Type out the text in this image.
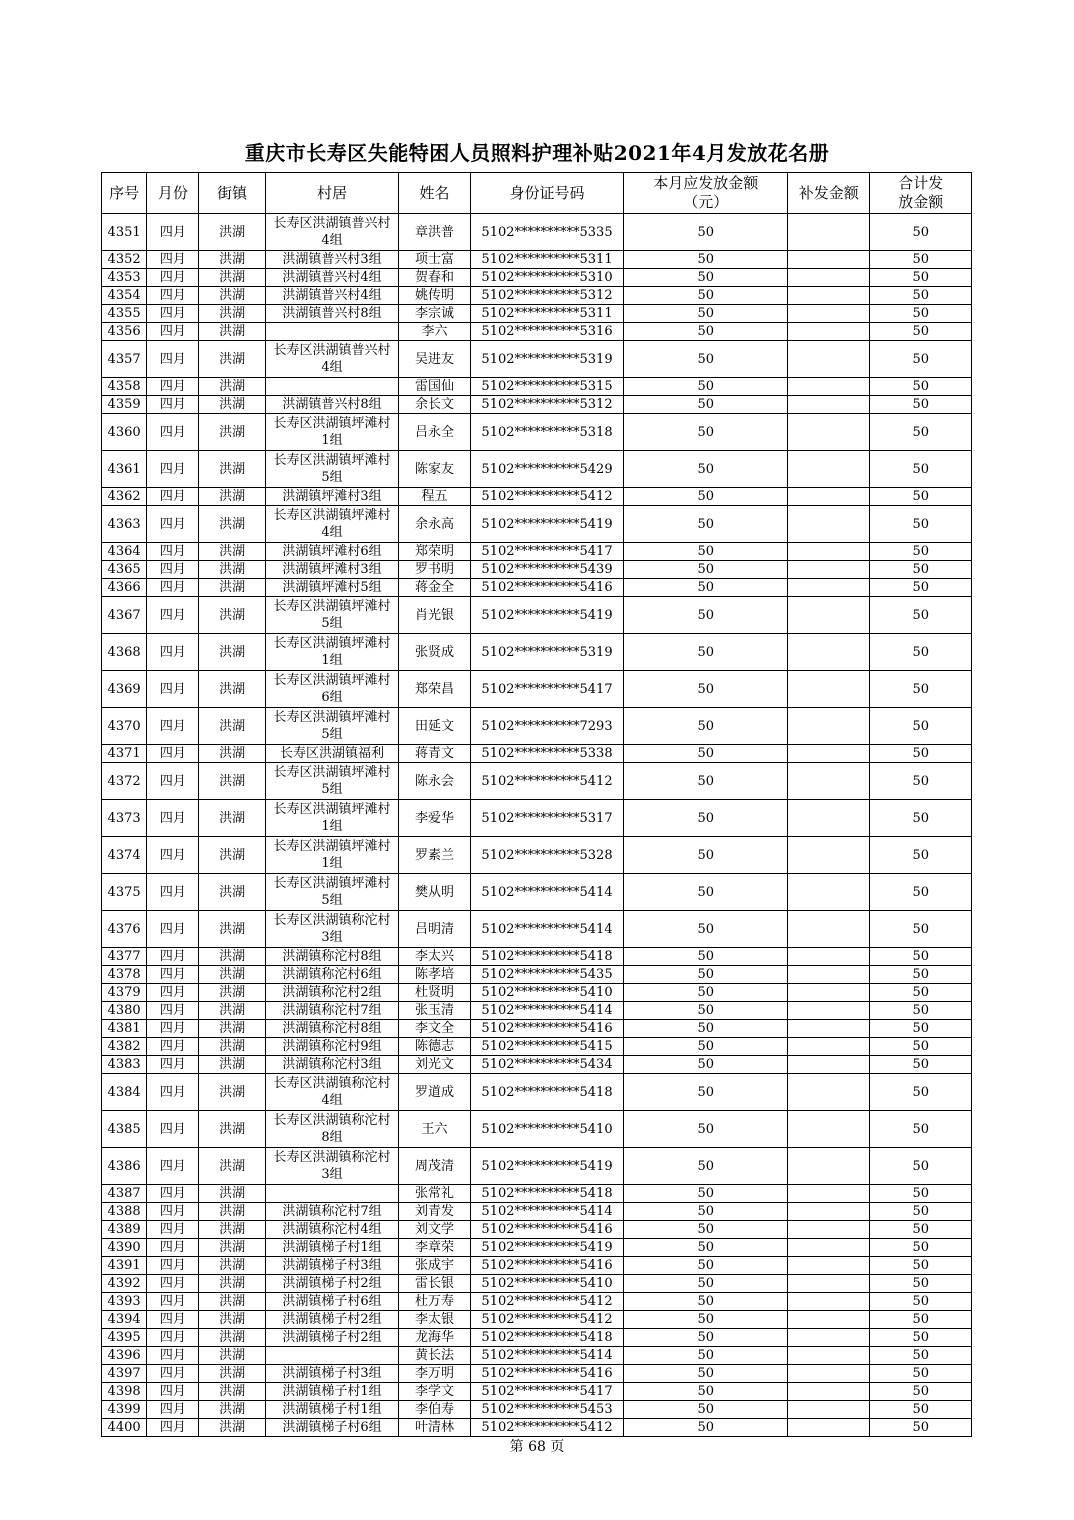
重庆市长寿区失能特困人员照料护理补贴2021年4月发放花名册
序号	月份	街镇	村居	姓名	身份证号码	本月应发放金额（元）	补发金额	合计发放金额
4351	四月	洪湖	长寿区洪湖镇普兴村4组	章洪普	5102**********5335	50		50
4352	四月	洪湖	洪湖镇普兴村3组	项士富	5102**********5311	50		50
4353	四月	洪湖	洪湖镇普兴村4组	贺春和	5102**********5310	50		50
4354	四月	洪湖	洪湖镇普兴村4组	姚传明	5102**********5312	50		50
4355	四月	洪湖	洪湖镇普兴村8组	李宗诚	5102**********5311	50		50
4356	四月	洪湖		李六	5102**********5316	50		50
4357	四月	洪湖	长寿区洪湖镇普兴村4组	吴进友	5102**********5319	50		50
4358	四月	洪湖		雷国仙	5102**********5315	50		50
4359	四月	洪湖	洪湖镇普兴村8组	余长文	5102**********5312	50		50
4360	四月	洪湖	长寿区洪湖镇坪滩村1组	吕永全	5102**********5318	50		50
4361	四月	洪湖	长寿区洪湖镇坪滩村5组	陈家友	5102**********5429	50		50
4362	四月	洪湖	洪湖镇坪滩村3组	程五	5102**********5412	50		50
4363	四月	洪湖	长寿区洪湖镇坪滩村4组	余永高	5102**********5419	50		50
4364	四月	洪湖	洪湖镇坪滩村6组	郑荣明	5102**********5417	50		50
4365	四月	洪湖	洪湖镇坪滩村3组	罗书明	5102**********5439	50		50
4366	四月	洪湖	洪湖镇坪滩村5组	蒋金全	5102**********5416	50		50
4367	四月	洪湖	长寿区洪湖镇坪滩村5组	肖光银	5102**********5419	50		50
4368	四月	洪湖	长寿区洪湖镇坪滩村1组	张贤成	5102**********5319	50		50
4369	四月	洪湖	长寿区洪湖镇坪滩村6组	郑荣昌	5102**********5417	50		50
4370	四月	洪湖	长寿区洪湖镇坪滩村5组	田延文	5102**********7293	50		50
4371	四月	洪湖	长寿区洪湖镇福利	蒋青文	5102**********5338	50		50
4372	四月	洪湖	长寿区洪湖镇坪滩村5组	陈永会	5102**********5412	50		50
4373	四月	洪湖	长寿区洪湖镇坪滩村1组	李爱华	5102**********5317	50		50
4374	四月	洪湖	长寿区洪湖镇坪滩村1组	罗素兰	5102**********5328	50		50
4375	四月	洪湖	长寿区洪湖镇坪滩村5组	樊从明	5102**********5414	50		50
4376	四月	洪湖	长寿区洪湖镇称沱村3组	吕明清	5102**********5414	50		50
4377	四月	洪湖	洪湖镇称沱村8组	李太兴	5102**********5418	50		50
4378	四月	洪湖	洪湖镇称沱村6组	陈孝培	5102**********5435	50		50
4379	四月	洪湖	洪湖镇称沱村2组	杜贤明	5102**********5410	50		50
4380	四月	洪湖	洪湖镇称沱村7组	张玉清	5102**********5414	50		50
4381	四月	洪湖	洪湖镇称沱村8组	李文全	5102**********5416	50		50
4382	四月	洪湖	洪湖镇称沱村9组	陈德志	5102**********5415	50		50
4383	四月	洪湖	洪湖镇称沱村3组	刘光文	5102**********5434	50		50
4384	四月	洪湖	长寿区洪湖镇称沱村4组	罗道成	5102**********5418	50		50
4385	四月	洪湖	长寿区洪湖镇称沱村8组	王六	5102**********5410	50		50
4386	四月	洪湖	长寿区洪湖镇称沱村3组	周茂清	5102**********5419	50		50
4387	四月	洪湖		张常礼	5102**********5418	50		50
4388	四月	洪湖	洪湖镇称沱村7组	刘青发	5102**********5414	50		50
4389	四月	洪湖	洪湖镇称沱村4组	刘文学	5102**********5416	50		50
4390	四月	洪湖	洪湖镇梯子村1组	李章荣	5102**********5419	50		50
4391	四月	洪湖	洪湖镇梯子村3组	张成宇	5102**********5416	50		50
4392	四月	洪湖	洪湖镇梯子村2组	雷长银	5102**********5410	50		50
4393	四月	洪湖	洪湖镇梯子村6组	杜万寿	5102**********5412	50		50
4394	四月	洪湖	洪湖镇梯子村2组	李太银	5102**********5412	50		50
4395	四月	洪湖	洪湖镇梯子村2组	龙海华	5102**********5418	50		50
4396	四月	洪湖		黄长法	5102**********5414	50		50
4397	四月	洪湖	洪湖镇梯子村3组	李万明	5102**********5416	50		50
4398	四月	洪湖	洪湖镇梯子村1组	李学文	5102**********5417	50		50
4399	四月	洪湖	洪湖镇梯子村1组	李伯寿	5102**********5453	50		50
4400	四月	洪湖	洪湖镇梯子村6组	叶清林	5102**********5412	50		50
第 68 页
